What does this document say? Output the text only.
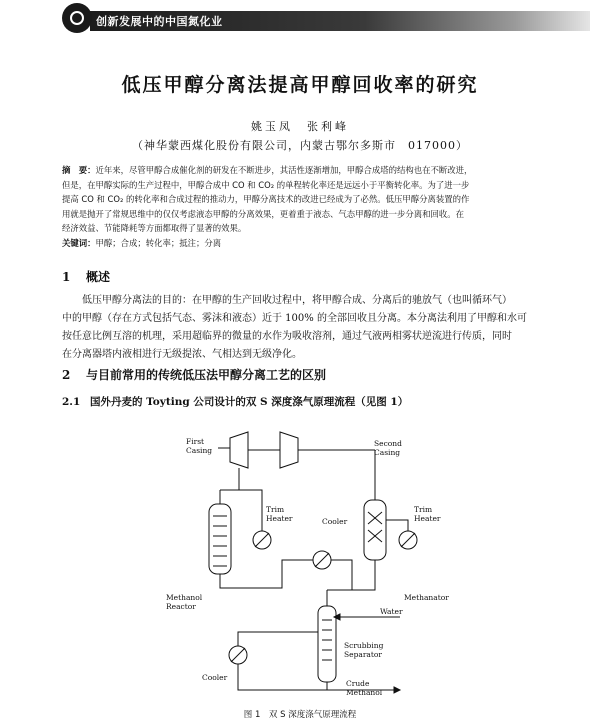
创新发展中的中国氮化业
低压甲醇分离法提高甲醇回收率的研究
姚玉凤　张利峰
（神华蒙西煤化股份有限公司，内蒙古鄂尔多斯市　017000）
摘　要：近年来，尽管甲醇合成催化剂的研发在不断进步，其活性逐渐增加，甲醇合成塔的结构也在不断改进，
但是，在甲醇实际的生产过程中，甲醇合成中 CO 和 CO₂ 的单程转化率还是远远小于平衡转化率。为了进一步
提高 CO 和 CO₂ 的转化率和合成过程的推动力，甲醇分离技术的改进已经成为了必然。低压甲醇分离装置的作
用就是抛开了常规思维中的仅仅考虑液态甲醇的分离效果，更着重于液态、气态甲醇的进一步分离和回收。在
经济效益、节能降耗等方面都取得了显著的效果。
关键词：甲醇；合成；转化率；抵注；分离
1 概述
低压甲醇分离法的目的：在甲醇的生产回收过程中，将甲醇合成、分离后的驰放气（也叫循环气）
中的甲醇（存在方式包括气态、雾沫和液态）近于 100% 的全部回收且分离。本分离法利用了甲醇和水可
按任意比例互溶的机理，采用超临界的微量的水作为吸收溶剂，通过气液两相雾状逆流进行传质，同时
在分离器塔内液相进行无级提浓、气相达到无级净化。
2 与目前常用的传统低压法甲醇分离工艺的区别
2.1 国外丹麦的 Toyting 公司设计的双 S 深度涤气原理流程（见图 1）
First Casing
Second Casing
Trim Heater	Cooler
Trim Heater
Methanol Reactor
Methanator
Water
Scrubbing Separator
Cooler
Crude Methanol
图 1　双 S 深度涤气原理流程
